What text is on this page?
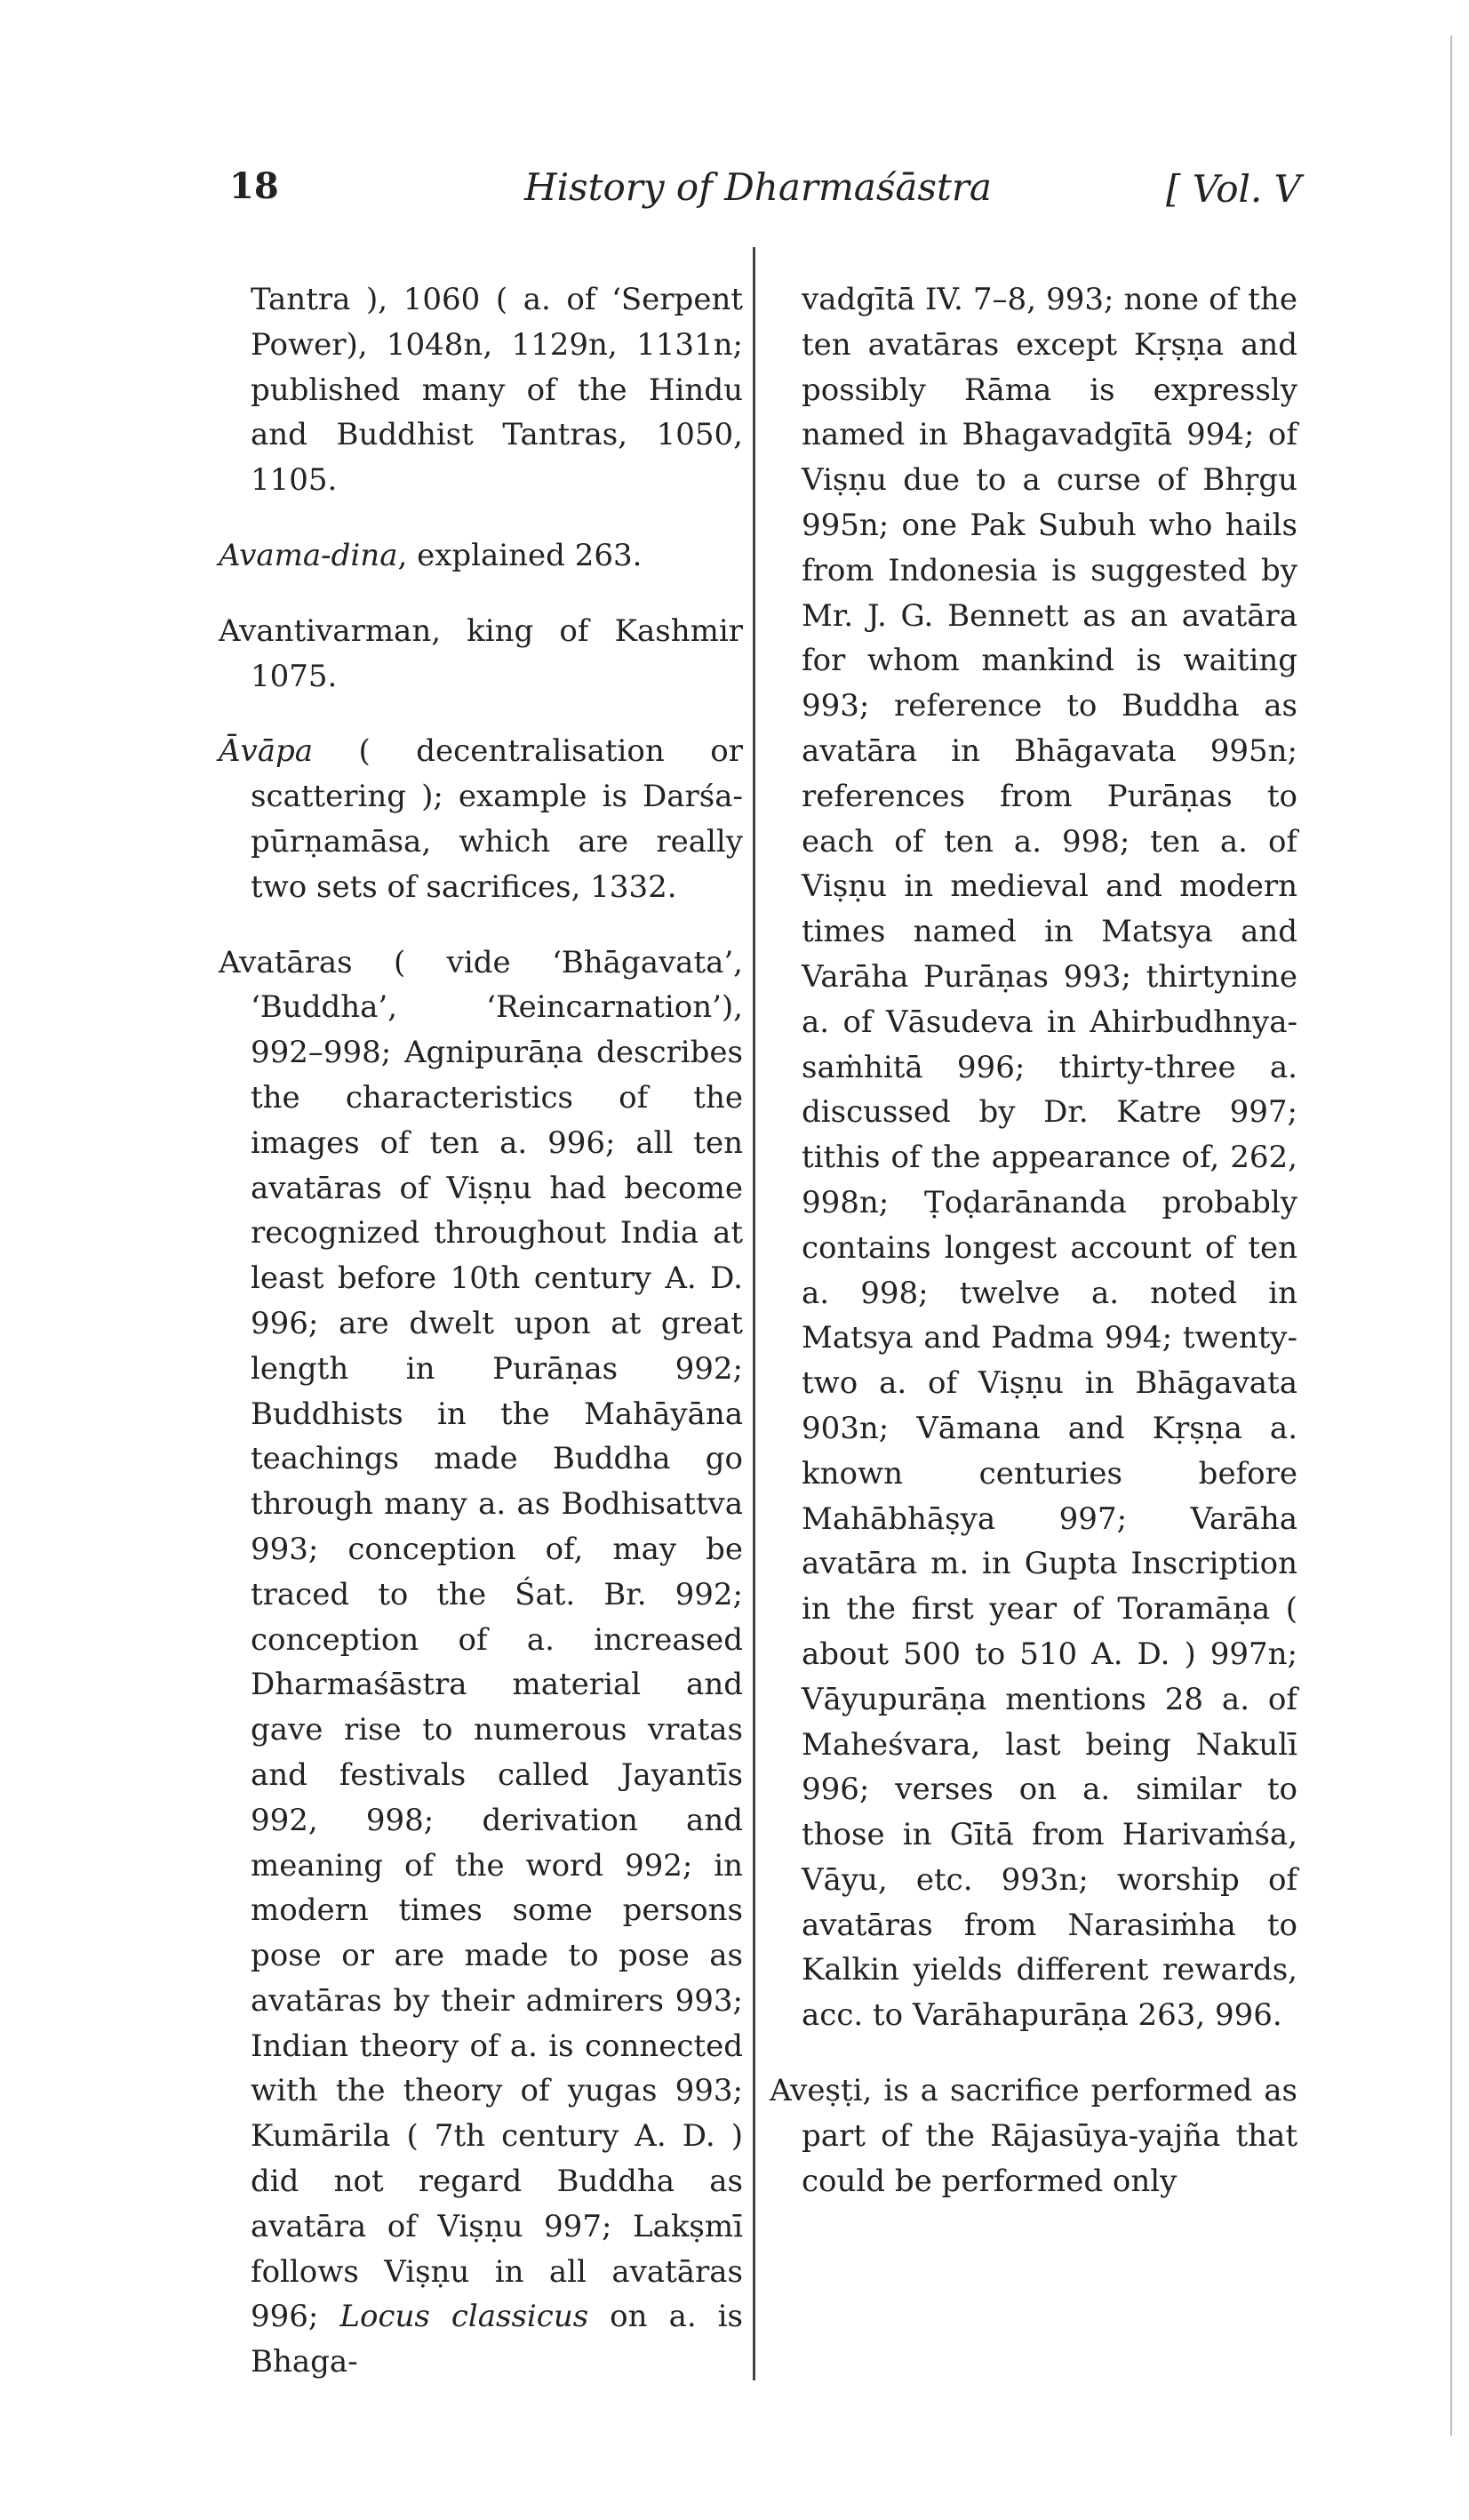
18	History of Dharmaśāstra	[ Vol. V

Tantra ), 1060 ( a. of ‘Serpent Power), 1048n, 1129n, 1131n; published many of the Hindu and Buddhist Tantras, 1050, 1105.

Avama-dina, explained 263.

Avantivarman, king of Kashmir 1075.

Āvāpa ( decentralisation or scattering ); example is Darśa-pūrṇamāsa, which are really two sets of sacrifices, 1332.

Avatāras ( vide ‘Bhāgavata’, ‘Buddha’, ‘Reincarnation’), 992–998; Agnipurāṇa describes the characteristics of the images of ten a. 996; all ten avatāras of Viṣṇu had become recognized throughout India at least before 10th century A. D. 996; are dwelt upon at great length in Purāṇas 992; Buddhists in the Mahāyāna teachings made Buddha go through many a. as Bodhisattva 993; conception of, may be traced to the Śat. Br. 992; conception of a. increased Dharmaśāstra material and gave rise to numerous vratas and festivals called Jayantīs 992, 998; derivation and meaning of the word 992; in modern times some persons pose or are made to pose as avatāras by their admirers 993; Indian theory of a. is connected with the theory of yugas 993; Kumārila ( 7th century A. D. ) did not regard Buddha as avatāra of Viṣṇu 997; Lakṣmī follows Viṣṇu in all avatāras 996; Locus classicus on a. is Bhaga-

vadgītā IV. 7–8, 993; none of the ten avatāras except Kṛṣṇa and possibly Rāma is expressly named in Bhagavadgītā 994; of Viṣṇu due to a curse of Bhṛgu 995n; one Pak Subuh who hails from Indonesia is suggested by Mr. J. G. Bennett as an avatāra for whom mankind is waiting 993; reference to Buddha as avatāra in Bhāgavata 995n; references from Purāṇas to each of ten a. 998; ten a. of Viṣṇu in medieval and modern times named in Matsya and Varāha Purāṇas 993; thirtynine a. of Vāsudeva in Ahirbudhnya-saṁhitā 996; thirty-three a. discussed by Dr. Katre 997; tithis of the appearance of, 262, 998n; Ṭoḍarānanda probably contains longest account of ten a. 998; twelve a. noted in Matsya and Padma 994; twenty-two a. of Viṣṇu in Bhāgavata 903n; Vāmana and Kṛṣṇa a. known centuries before Mahābhāṣya 997; Varāha avatāra m. in Gupta Inscription in the first year of Toramāṇa ( about 500 to 510 A. D. ) 997n; Vāyupurāṇa mentions 28 a. of Maheśvara, last being Nakulī 996; verses on a. similar to those in Gītā from Harivaṁśa, Vāyu, etc. 993n; worship of avatāras from Narasiṁha to Kalkin yields different rewards, acc. to Varāhapurāṇa 263, 996.

Aveṣṭi, is a sacrifice performed as part of the Rājasūya-yajña that could be performed only
